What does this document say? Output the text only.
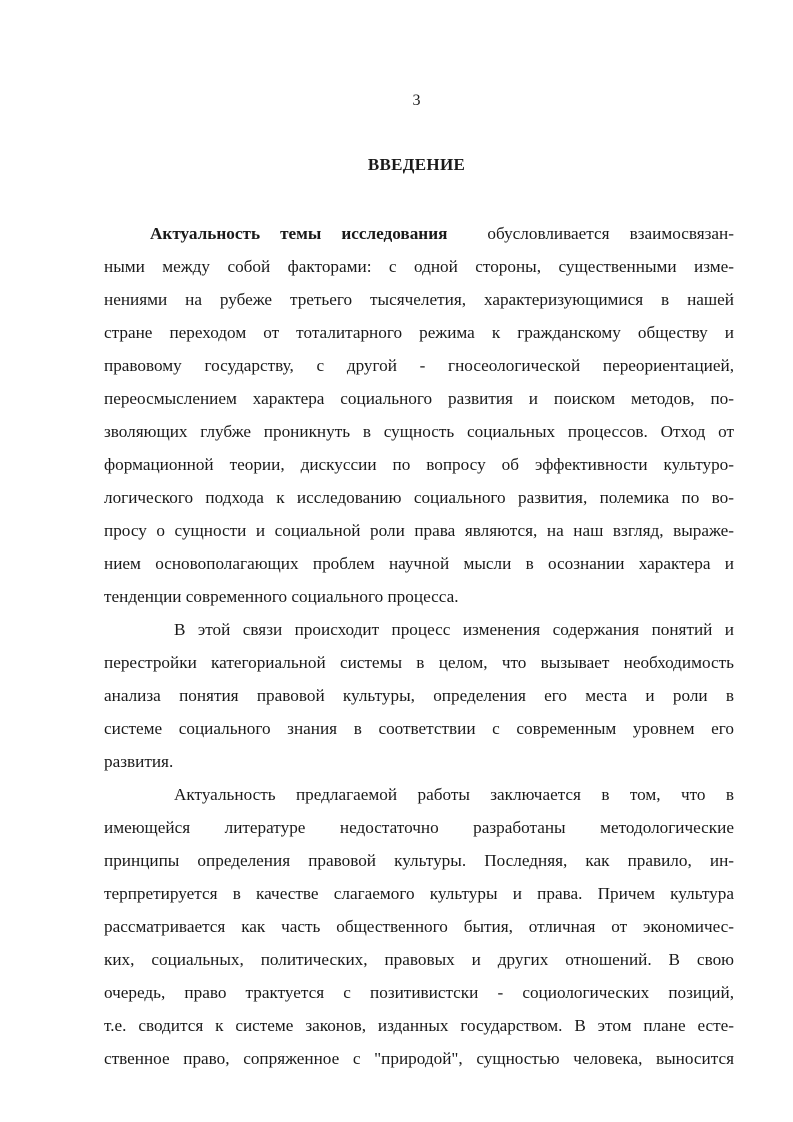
3
ВВЕДЕНИЕ
Актуальность темы исследования обусловливается взаимосвязан-
ными между собой факторами: с одной стороны, существенными изме-
нениями на рубеже третьего тысячелетия, характеризующимися в нашей
стране переходом от тоталитарного режима к гражданскому обществу и
правовому государству, с другой - гносеологической переориентацией,
переосмыслением характера социального развития и поиском методов, по-
зволяющих глубже проникнуть в сущность социальных процессов. Отход от
формационной теории, дискуссии по вопросу об эффективности культуро-
логического подхода к исследованию социального развития, полемика по во-
просу о сущности и социальной роли права являются, на наш взгляд, выраже-
нием основополагающих проблем научной мысли в осознании характера и
тенденции современного социального процесса.
В этой связи происходит процесс изменения содержания понятий и
перестройки категориальной системы в целом, что вызывает необходимость
анализа понятия правовой культуры, определения его места и роли в
системе социального знания в соответствии с современным уровнем его
развития.
Актуальность предлагаемой работы заключается в том, что в
имеющейся литературе недостаточно разработаны методологические
принципы определения правовой культуры. Последняя, как правило, ин-
терпретируется в качестве слагаемого культуры и права. Причем культура
рассматривается как часть общественного бытия, отличная от экономичес-
ких, социальных, политических, правовых и других отношений. В свою
очередь, право трактуется с позитивистски - социологических позиций,
т.е. сводится к системе законов, изданных государством. В этом плане есте-
ственное право, сопряженное с "природой", сущностью человека, выносится
